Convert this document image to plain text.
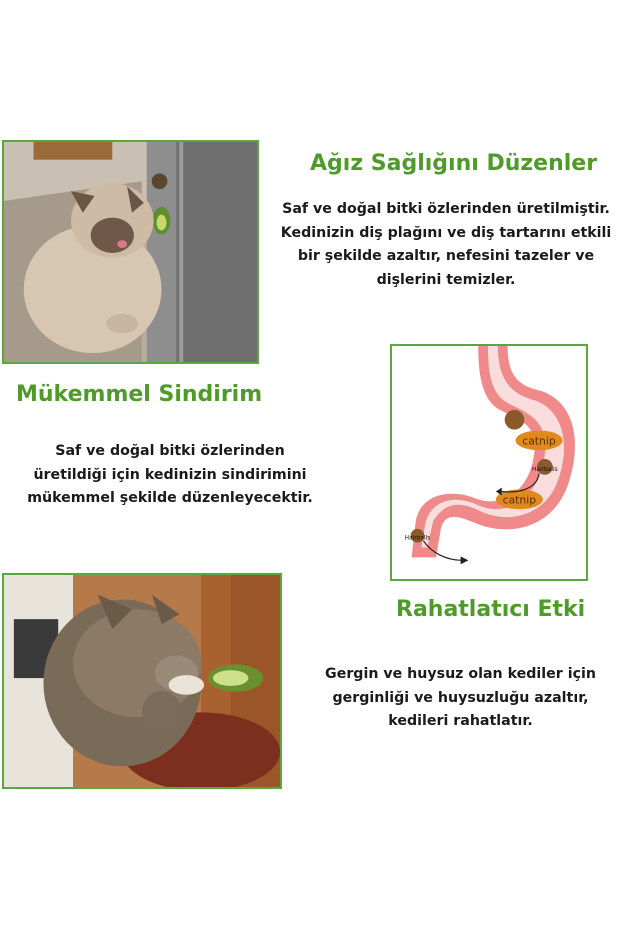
Ağız Sağlığını Düzenler
Saf ve doğal bitki özlerinden üretilmiştir.
Kedinizin diş plağını ve diş tartarını etkili
bir şekilde azaltır, nefesini tazeler ve
dişlerini temizler.
Mükemmel Sindirim
Saf ve doğal bitki özlerinden
üretildiği için kedinizin sindirimini
mükemmel şekilde düzenleyecektir.
catnip
Hairballs
catnip
Hairballs
Rahatlatıcı Etki
Gergin ve huysuz olan kediler için
gerginliği ve huysuzluğu azaltır,
kedileri rahatlatır.
